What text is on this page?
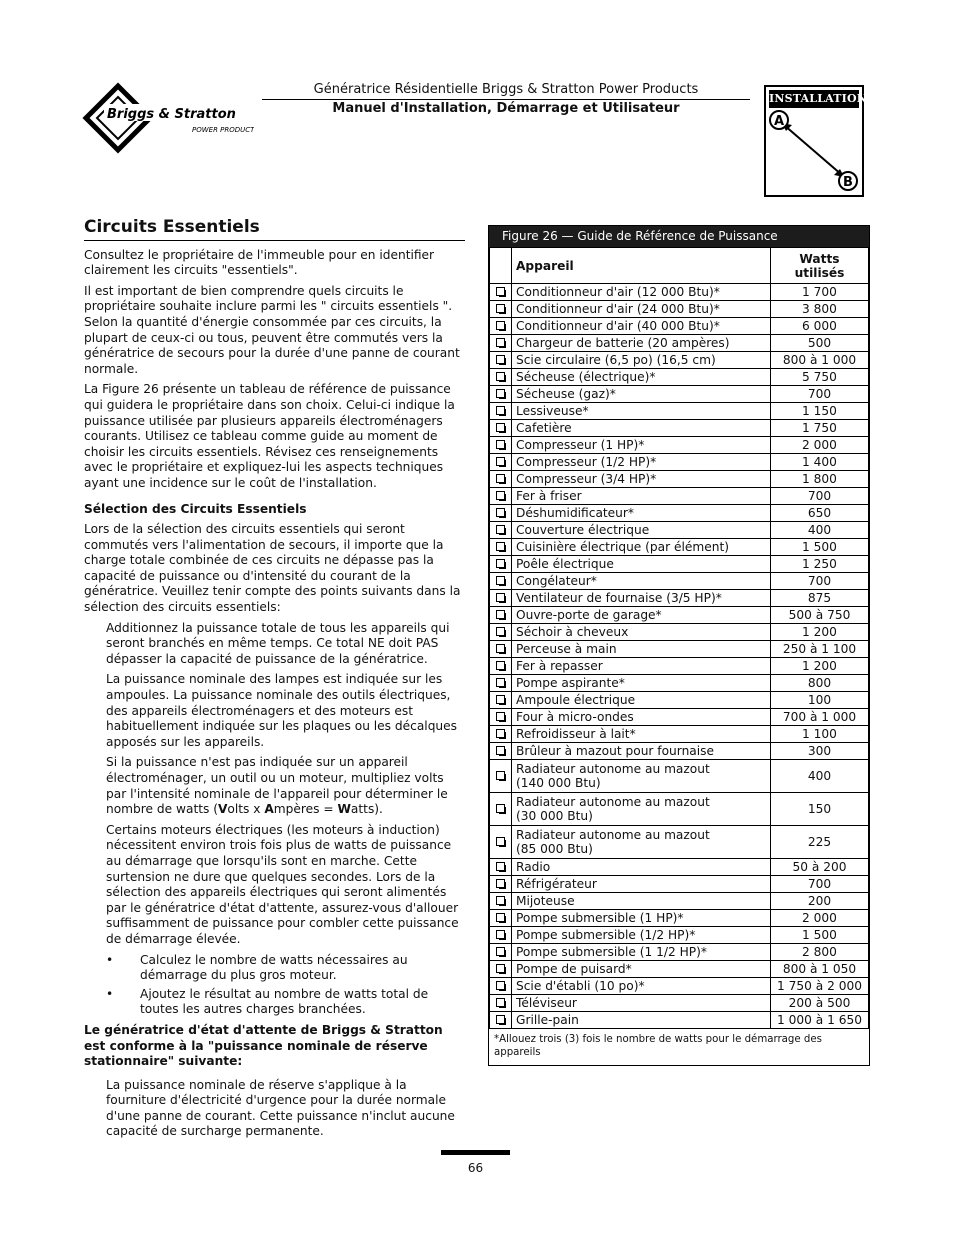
Briggs & Stratton
POWER PRODUCTS
Génératrice Résidentielle Briggs & Stratton Power Products
Manuel d'Installation, Démarrage et Utilisateur
INSTALLATION
A
B
Circuits Essentiels

Consultez le propriétaire de l'immeuble pour en identifier clairement les circuits "essentiels".

Il est important de bien comprendre quels circuits le propriétaire souhaite inclure parmi les " circuits essentiels ". Selon la quantité d'énergie consommée par ces circuits, la plupart de ceux-ci ou tous, peuvent être commutés vers la génératrice de secours pour la durée d'une panne de courant normale.

La Figure 26 présente un tableau de référence de puissance qui guidera le propriétaire dans son choix. Celui-ci indique la puissance utilisée par plusieurs appareils électroménagers courants. Utilisez ce tableau comme guide au moment de choisir les circuits essentiels. Révisez ces renseignements avec le propriétaire et expliquez-lui les aspects techniques ayant une incidence sur le coût de l'installation.

Sélection des Circuits Essentiels

Lors de la sélection des circuits essentiels qui seront commutés vers l'alimentation de secours, il importe que la charge totale combinée de ces circuits ne dépasse pas la capacité de puissance ou d'intensité du courant de la génératrice. Veuillez tenir compte des points suivants dans la sélection des circuits essentiels:

Additionnez la puissance totale de tous les appareils qui seront branchés en même temps. Ce total NE doit PAS dépasser la capacité de puissance de la génératrice.

La puissance nominale des lampes est indiquée sur les ampoules. La puissance nominale des outils électriques, des appareils électroménagers et des moteurs est habituellement indiquée sur les plaques ou les décalques apposés sur les appareils.

Si la puissance n'est pas indiquée sur un appareil électroménager, un outil ou un moteur, multipliez volts par l'intensité nominale de l'appareil pour déterminer le nombre de watts (Volts x Ampères = Watts).

Certains moteurs électriques (les moteurs à induction) nécessitent environ trois fois plus de watts de puissance au démarrage que lorsqu'ils sont en marche. Cette surtension ne dure que quelques secondes. Lors de la sélection des appareils électriques qui seront alimentés par le génératrice d'état d'attente, assurez-vous d'allouer suffisamment de puissance pour combler cette puissance de démarrage élevée.

• Calculez le nombre de watts nécessaires au démarrage du plus gros moteur.
• Ajoutez le résultat au nombre de watts total de toutes les autres charges branchées.

Le génératrice d'état d'attente de Briggs & Stratton est conforme à la "puissance nominale de réserve stationnaire" suivante:

La puissance nominale de réserve s'applique à la fourniture d'électricité d'urgence pour la durée normale d'une panne de courant. Cette puissance n'inclut aucune capacité de surcharge permanente.

Figure 26 — Guide de Référence de Puissance
	Appareil	Watts utilisés
	Conditionneur d'air (12 000 Btu)*	1 700
	Conditionneur d'air (24 000 Btu)*	3 800
	Conditionneur d'air (40 000 Btu)*	6 000
	Chargeur de batterie (20 ampères)	500
	Scie circulaire (6,5 po) (16,5 cm)	800 à 1 000
	Sécheuse (électrique)*	5 750
	Sécheuse (gaz)*	700
	Lessiveuse*	1 150
	Cafetière	1 750
	Compresseur (1 HP)*	2 000
	Compresseur (1/2 HP)*	1 400
	Compresseur (3/4 HP)*	1 800
	Fer à friser	700
	Déshumidificateur*	650
	Couverture électrique	400
	Cuisinière électrique (par élément)	1 500
	Poêle électrique	1 250
	Congélateur*	700
	Ventilateur de fournaise (3/5 HP)*	875
	Ouvre-porte de garage*	500 à 750
	Séchoir à cheveux	1 200
	Perceuse à main	250 à 1 100
	Fer à repasser	1 200
	Pompe aspirante*	800
	Ampoule électrique	100
	Four à micro-ondes	700 à 1 000
	Refroidisseur à lait*	1 100
	Brûleur à mazout pour fournaise	300
	Radiateur autonome au mazout
(140 000 Btu)	400
	Radiateur autonome au mazout
(30 000 Btu)	150
	Radiateur autonome au mazout
(85 000 Btu)	225
	Radio	50 à 200
	Réfrigérateur	700
	Mijoteuse	200
	Pompe submersible (1 HP)*	2 000
	Pompe submersible (1/2 HP)*	1 500
	Pompe submersible (1 1/2 HP)*	2 800
	Pompe de puisard*	800 à 1 050
	Scie d'établi (10 po)*	1 750 à 2 000
	Téléviseur	200 à 500
	Grille-pain	1 000 à 1 650
*Allouez trois (3) fois le nombre de watts pour le démarrage des appareils
66
